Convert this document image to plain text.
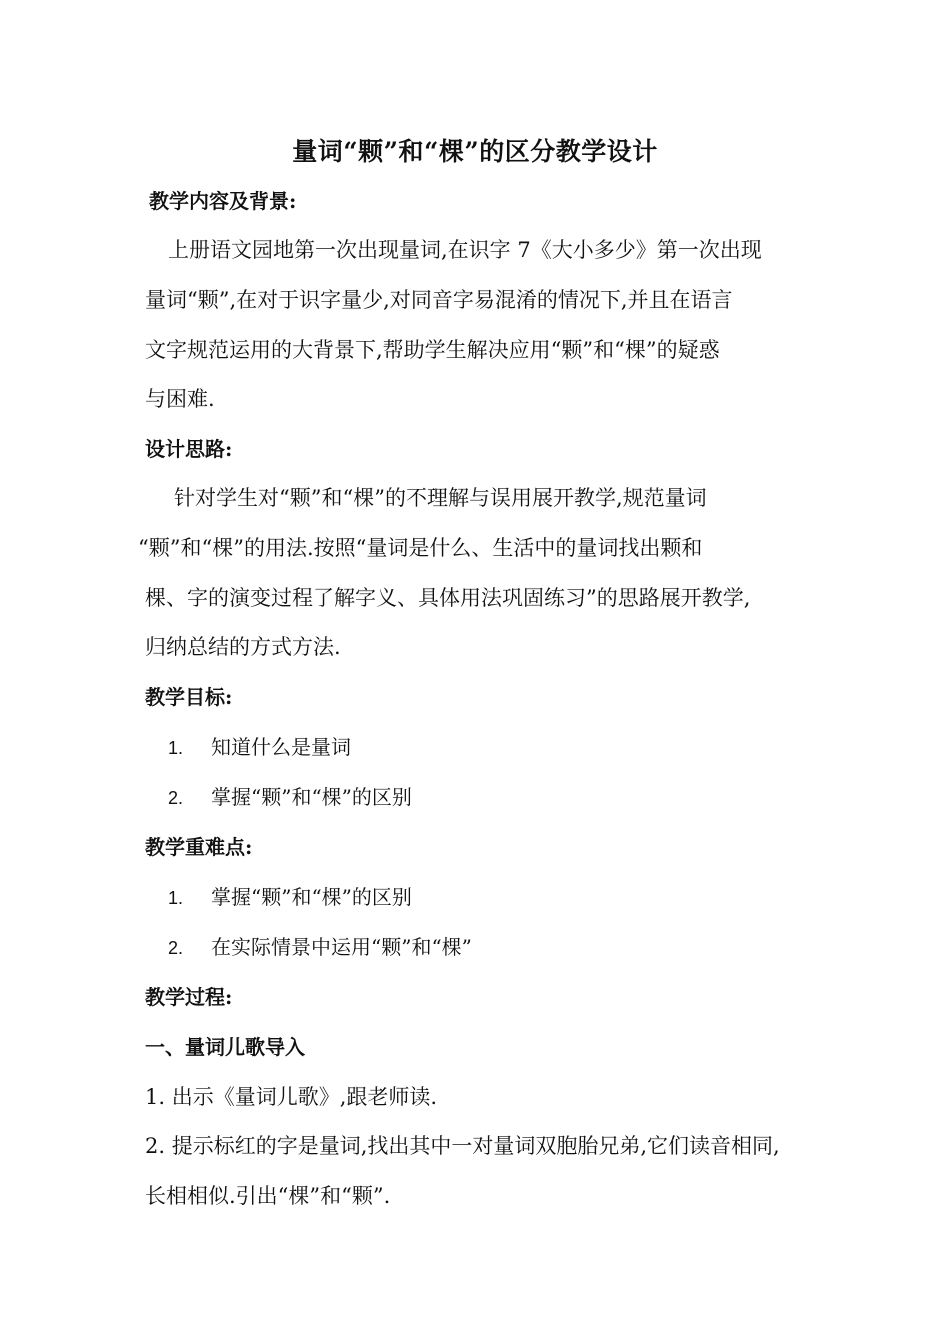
量词“颗”和“棵”的区分教学设计
教学内容及背景:
上册语文园地第一次出现量词,在识字 7《大小多少》第一次出现
量词“颗”,在对于识字量少,对同音字易混淆的情况下,并且在语言
文字规范运用的大背景下,帮助学生解决应用“颗”和“棵”的疑惑
与困难.
设计思路:
针对学生对“颗”和“棵”的不理解与误用展开教学,规范量词
“颗”和“棵”的用法.按照“量词是什么、生活中的量词找出颗和
棵、字的演变过程了解字义、具体用法巩固练习”的思路展开教学,
归纳总结的方式方法.
教学目标:
1. 知道什么是量词
2. 掌握“颗”和“棵”的区别
教学重难点:
1. 掌握“颗”和“棵”的区别
2. 在实际情景中运用“颗”和“棵”
教学过程:
一、量词儿歌导入
1. 出示《量词儿歌》,跟老师读.
2. 提示标红的字是量词,找出其中一对量词双胞胎兄弟,它们读音相同,
长相相似.引出“棵”和“颗”.
